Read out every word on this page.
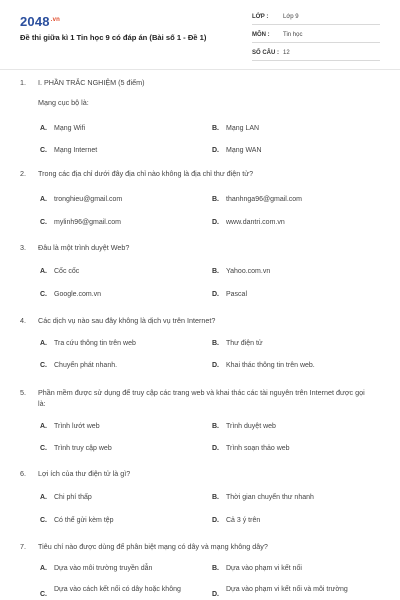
$2048^{.vn}$
Đề thi giữa kì 1 Tin học 9 có đáp án (Bài số 1 - Đề 1)
LỚP : Lớp 9
MÔN : Tin học
SỐ CÂU : 12
1. I. PHẦN TRẮC NGHIỆM (5 điểm)
Mạng cục bộ là:
A. Mạng Wifi	B. Mạng LAN
C. Mạng Internet	D. Mạng WAN
2. Trong các địa chỉ dưới đây địa chỉ nào không là địa chỉ thư điện tử?
A. tronghieu@gmail.com	B. thanhnga96@gmail.com
C. mylinh96@gmail.com	D. www.dantri.com.vn
3. Đâu là một trình duyệt Web?
A. Cốc cốc	B. Yahoo.com.vn
C. Google.com.vn	D. Pascal
4. Các dịch vụ nào sau đây không là dịch vụ trên Internet?
A. Tra cứu thông tin trên web	B. Thư điện tử
C. Chuyển phát nhanh.	D. Khai thác thông tin trên web.
5. Phần mềm được sử dụng để truy cập các trang web và khai thác các tài nguyên trên Internet được gọi là:
A. Trình lướt web	B. Trình duyệt web
C. Trình truy cập web	D. Trình soạn thảo web
6. Lợi ích của thư điện tử là gì?
A. Chi phí thấp	B. Thời gian chuyển thư nhanh
C. Có thể gửi kèm tệp	D. Cả 3 ý trên
7. Tiêu chí nào được dùng để phân biệt mạng có dây và mạng không dây?
A. Dựa vào môi trường truyền dẫn	B. Dựa vào phạm vi kết nối
C.
Dựa vào cách kết nối có dây hoặc không
D.
Dựa vào phạm vi kết nối và môi trường
